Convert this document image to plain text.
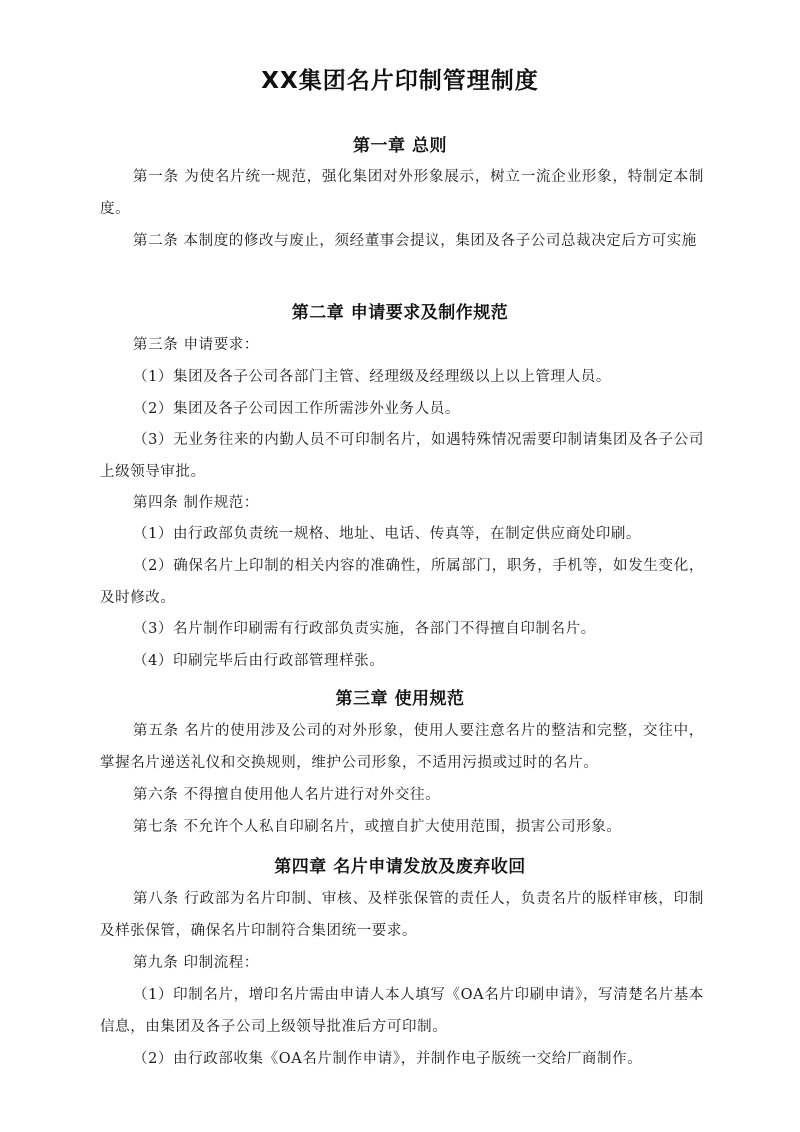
XX集团名片印制管理制度
第一章 总则
第一条 为使名片统一规范，强化集团对外形象展示，树立一流企业形象，特制定本制度。
第二条 本制度的修改与废止，须经董事会提议，集团及各子公司总裁决定后方可实施
第二章 申请要求及制作规范
第三条 申请要求：
（1）集团及各子公司各部门主管、经理级及经理级以上以上管理人员。
（2）集团及各子公司因工作所需涉外业务人员。
（3）无业务往来的内勤人员不可印制名片，如遇特殊情况需要印制请集团及各子公司上级领导审批。
第四条 制作规范：
（1）由行政部负责统一规格、地址、电话、传真等，在制定供应商处印刷。
（2）确保名片上印制的相关内容的准确性，所属部门，职务，手机等，如发生变化，及时修改。
（3）名片制作印刷需有行政部负责实施，各部门不得擅自印制名片。
（4）印刷完毕后由行政部管理样张。
第三章 使用规范
第五条 名片的使用涉及公司的对外形象，使用人要注意名片的整洁和完整，交往中，掌握名片递送礼仪和交换规则，维护公司形象，不适用污损或过时的名片。
第六条 不得擅自使用他人名片进行对外交往。
第七条 不允许个人私自印刷名片，或擅自扩大使用范围，损害公司形象。
第四章 名片申请发放及废弃收回
第八条 行政部为名片印制、审核、及样张保管的责任人，负责名片的版样审核，印制及样张保管，确保名片印制符合集团统一要求。
第九条 印制流程：
（1）印制名片，增印名片需由申请人本人填写《OA名片印刷申请》，写清楚名片基本信息，由集团及各子公司上级领导批准后方可印制。
（2）由行政部收集《OA名片制作申请》，并制作电子版统一交给厂商制作。
